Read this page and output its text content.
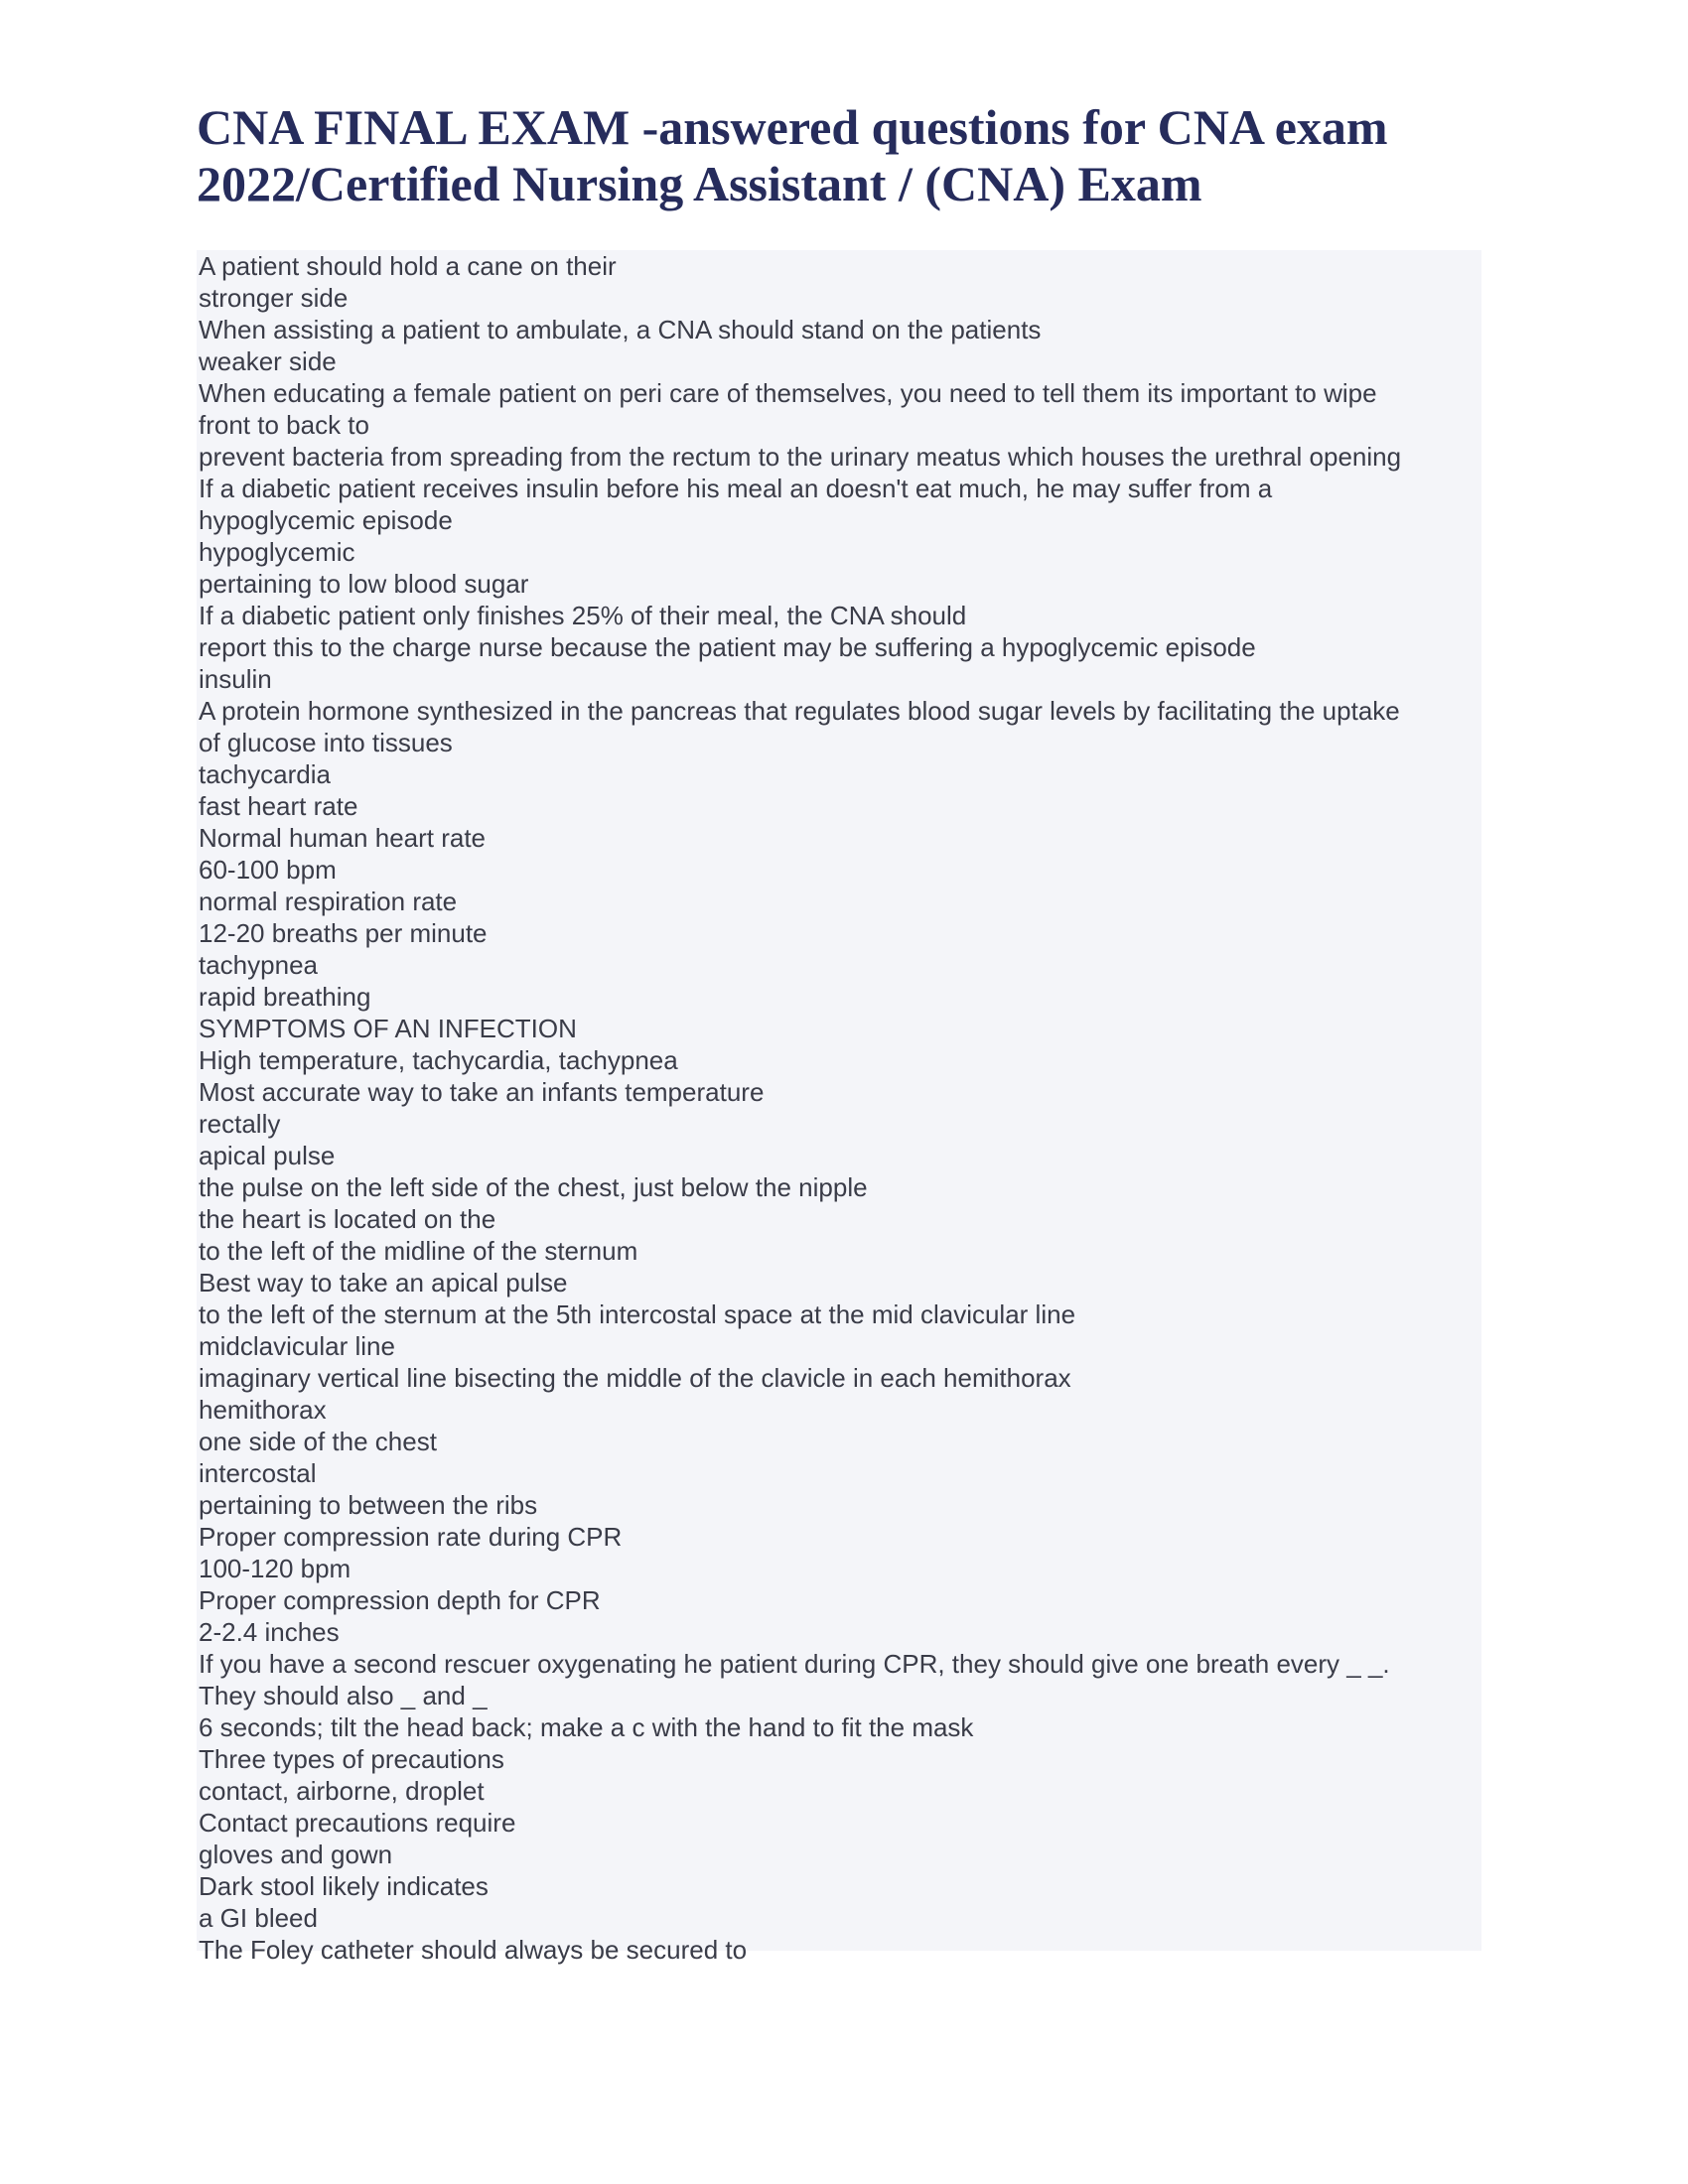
CNA FINAL EXAM -answered questions for CNA exam 2022/Certified Nursing Assistant / (CNA) Exam
A patient should hold a cane on their
stronger side
When assisting a patient to ambulate, a CNA should stand on the patients
weaker side
When educating a female patient on peri care of themselves, you need to tell them its important to wipe
front to back to
prevent bacteria from spreading from the rectum to the urinary meatus which houses the urethral opening
If a diabetic patient receives insulin before his meal an doesn't eat much, he may suffer from a
hypoglycemic episode
hypoglycemic
pertaining to low blood sugar
If a diabetic patient only finishes 25% of their meal, the CNA should
report this to the charge nurse because the patient may be suffering a hypoglycemic episode
insulin
A protein hormone synthesized in the pancreas that regulates blood sugar levels by facilitating the uptake
of glucose into tissues
tachycardia
fast heart rate
Normal human heart rate
60-100 bpm
normal respiration rate
12-20 breaths per minute
tachypnea
rapid breathing
SYMPTOMS OF AN INFECTION
High temperature, tachycardia, tachypnea
Most accurate way to take an infants temperature
rectally
apical pulse
the pulse on the left side of the chest, just below the nipple
the heart is located on the
to the left of the midline of the sternum
Best way to take an apical pulse
to the left of the sternum at the 5th intercostal space at the mid clavicular line
midclavicular line
imaginary vertical line bisecting the middle of the clavicle in each hemithorax
hemithorax
one side of the chest
intercostal
pertaining to between the ribs
Proper compression rate during CPR
100-120 bpm
Proper compression depth for CPR
2-2.4 inches
If you have a second rescuer oxygenating he patient during CPR, they should give one breath every _ _.
They should also _ and _
6 seconds; tilt the head back; make a c with the hand to fit the mask
Three types of precautions
contact, airborne, droplet
Contact precautions require
gloves and gown
Dark stool likely indicates
a GI bleed
The Foley catheter should always be secured to
